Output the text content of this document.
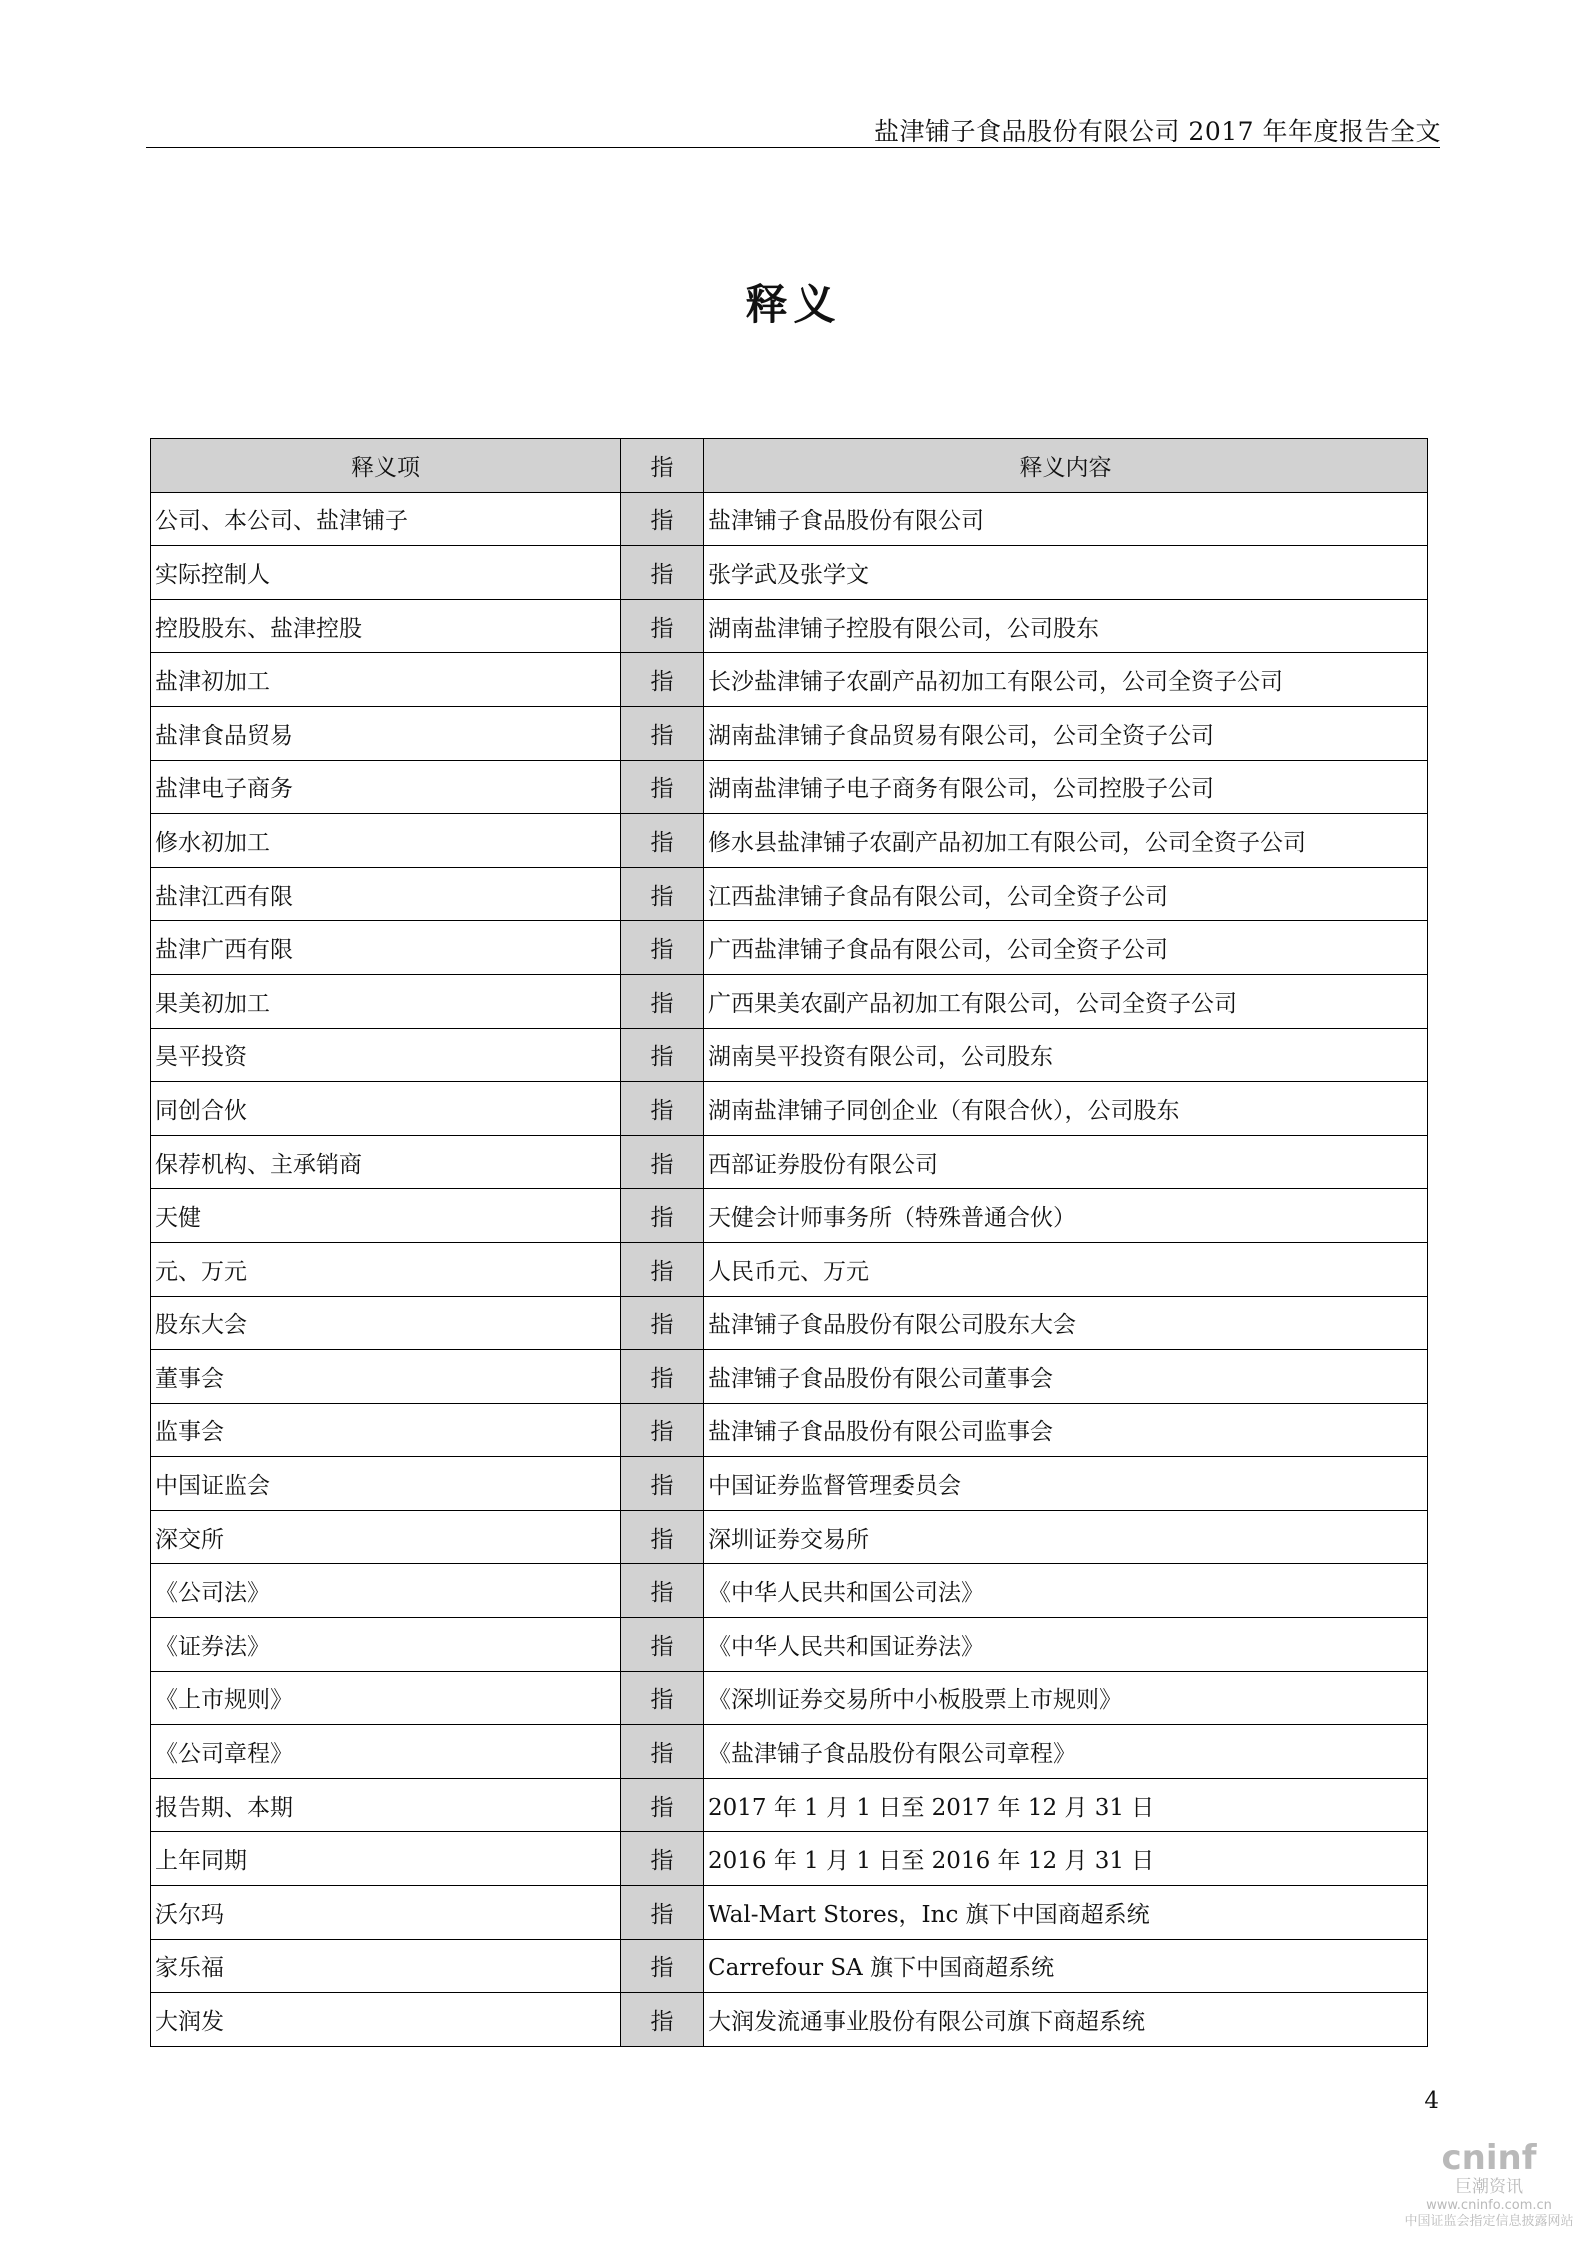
盐津铺子食品股份有限公司 2017 年年度报告全文
释义
释义项	指	释义内容
公司、本公司、盐津铺子	指	盐津铺子食品股份有限公司
实际控制人	指	张学武及张学文
控股股东、盐津控股	指	湖南盐津铺子控股有限公司，公司股东
盐津初加工	指	长沙盐津铺子农副产品初加工有限公司，公司全资子公司
盐津食品贸易	指	湖南盐津铺子食品贸易有限公司，公司全资子公司
盐津电子商务	指	湖南盐津铺子电子商务有限公司，公司控股子公司
修水初加工	指	修水县盐津铺子农副产品初加工有限公司，公司全资子公司
盐津江西有限	指	江西盐津铺子食品有限公司，公司全资子公司
盐津广西有限	指	广西盐津铺子食品有限公司，公司全资子公司
果美初加工	指	广西果美农副产品初加工有限公司，公司全资子公司
昊平投资	指	湖南昊平投资有限公司，公司股东
同创合伙	指	湖南盐津铺子同创企业（有限合伙），公司股东
保荐机构、主承销商	指	西部证券股份有限公司
天健	指	天健会计师事务所（特殊普通合伙）
元、万元	指	人民币元、万元
股东大会	指	盐津铺子食品股份有限公司股东大会
董事会	指	盐津铺子食品股份有限公司董事会
监事会	指	盐津铺子食品股份有限公司监事会
中国证监会	指	中国证券监督管理委员会
深交所	指	深圳证券交易所
《公司法》	指	《中华人民共和国公司法》
《证券法》	指	《中华人民共和国证券法》
《上市规则》	指	《深圳证券交易所中小板股票上市规则》
《公司章程》	指	《盐津铺子食品股份有限公司章程》
报告期、本期	指	2017 年 1 月 1 日至 2017 年 12 月 31 日
上年同期	指	2016 年 1 月 1 日至 2016 年 12 月 31 日
沃尔玛	指	Wal-Mart Stores，Inc 旗下中国商超系统
家乐福	指	Carrefour SA 旗下中国商超系统
大润发	指	大润发流通事业股份有限公司旗下商超系统
4
cninf
巨潮资讯
www.cninfo.com.cn
中国证监会指定信息披露网站
